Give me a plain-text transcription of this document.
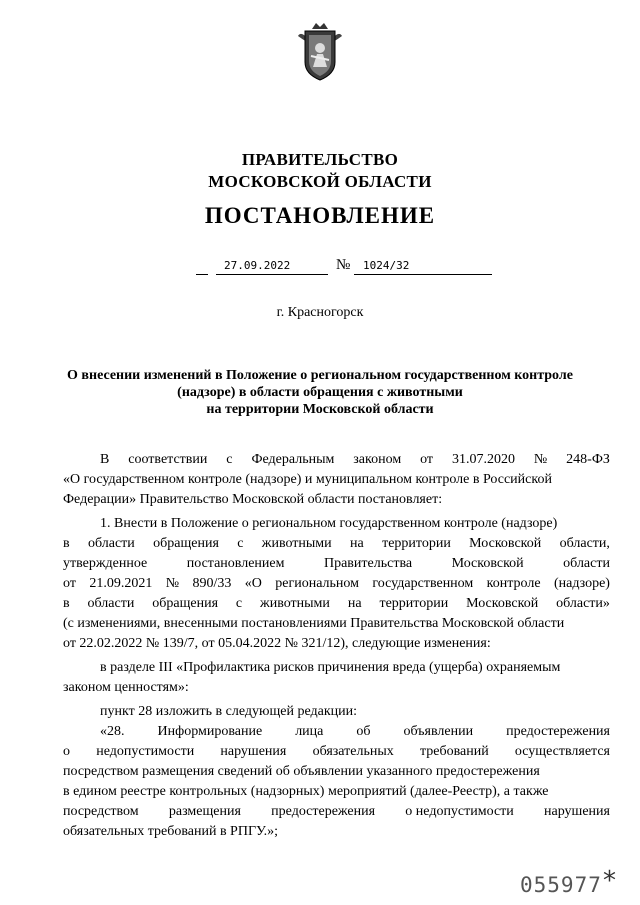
ПРАВИТЕЛЬСТВО
МОСКОВСКОЙ ОБЛАСТИ
ПОСТАНОВЛЕНИЕ
27.09.2022	№ 1024/32
г. Красногорск
О внесении изменений в Положение о региональном государственном контроле
(надзоре) в области обращения с животными
на территории Московской области
В соответствии с Федеральным законом от 31.07.2020 № 248-ФЗ
«О государственном контроле (надзоре) и муниципальном контроле в Российской
Федерации» Правительство Московской области постановляет:
1. Внести в Положение о региональном государственном контроле (надзоре)
в области обращения с животными на территории Московской области,
утвержденное	постановлением	Правительства	Московской	области
от 21.09.2021 № 890/33 «О региональном государственном контроле (надзоре)
в области обращения с животными на территории Московской области»
(с изменениями, внесенными постановлениями Правительства Московской области
от 22.02.2022 № 139/7, от 05.04.2022 № 321/12), следующие изменения:
в разделе III «Профилактика рисков причинения вреда (ущерба) охраняемым
законом ценностям»:
пункт 28 изложить в следующей редакции:
«28. Информирование лица об объявлении предостережения
о недопустимости нарушения обязательных требований осуществляется
посредством размещения сведений об объявлении указанного предостережения
в едином реестре контрольных (надзорных) мероприятий (далее-Реестр), а также
посредством размещения предостережения о недопустимости нарушения
обязательных требований в РПГУ.»;
055977 *
